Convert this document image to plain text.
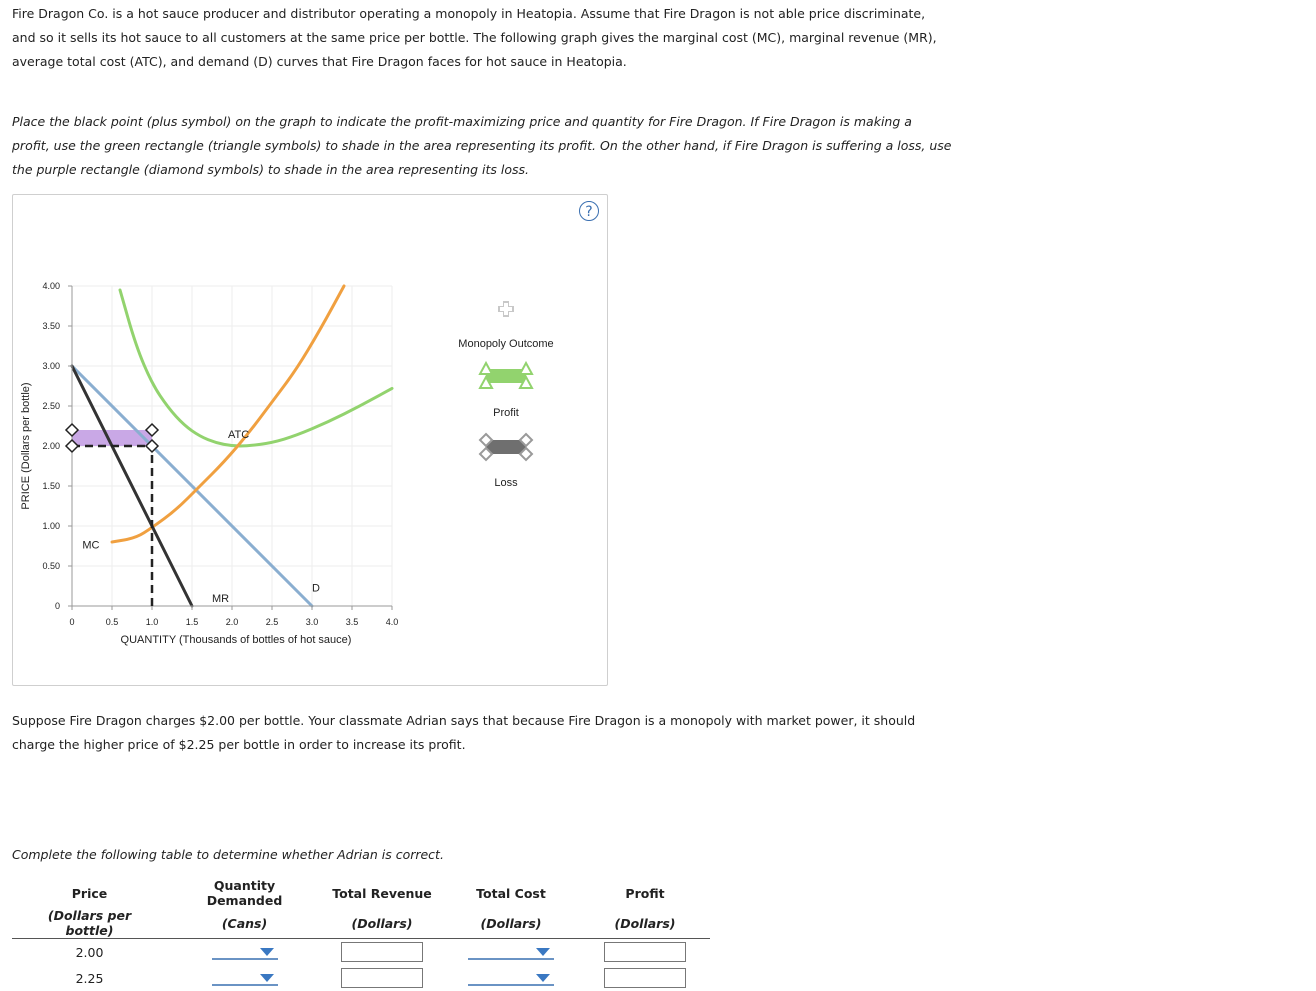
Fire Dragon Co. is a hot sauce producer and distributor operating a monopoly in Heatopia. Assume that Fire Dragon is not able price discriminate, and so it sells its hot sauce to all customers at the same price per bottle. The following graph gives the marginal cost (MC), marginal revenue (MR), average total cost (ATC), and demand (D) curves that Fire Dragon faces for hot sauce in Heatopia.

Place the black point (plus symbol) on the graph to indicate the profit-maximizing price and quantity for Fire Dragon. If Fire Dragon is making a profit, use the green rectangle (triangle symbols) to shade in the area representing its profit. On the other hand, if Fire Dragon is suffering a loss, use the purple rectangle (diamond symbols) to shade in the area representing its loss.

?
D
ATC
MC
MR
0	0.5	1.0	1.5	2.0	2.5	3.0	3.5	4.0
0
0.50
1.00
1.50
2.00
2.50
3.00
3.50
4.00
QUANTITY (Thousands of bottles of hot sauce)
PRICE (Dollars per bottle)
Monopoly Outcome
Profit
Loss

Suppose Fire Dragon charges $2.00 per bottle. Your classmate Adrian says that because Fire Dragon is a monopoly with market power, it should charge the higher price of $2.25 per bottle in order to increase its profit.

Complete the following table to determine whether Adrian is correct.

Price	Quantity Demanded	Total Revenue	Total Cost	Profit
(Dollars per bottle)	(Cans)	(Dollars)	(Dollars)	(Dollars)
2.00	

2.25	
